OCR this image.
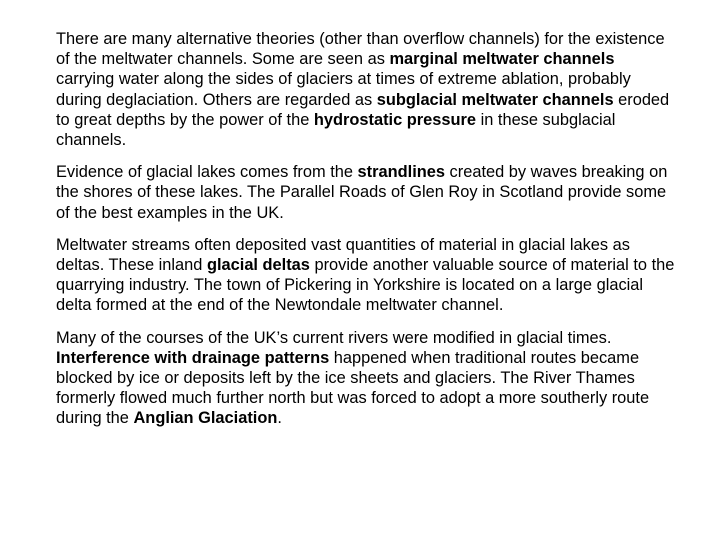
There are many alternative theories (other than overflow channels) for the existence of the meltwater channels. Some are seen as marginal meltwater channels carrying water along the sides of glaciers at times of extreme ablation, probably during deglaciation. Others are regarded as subglacial meltwater channels eroded to great depths by the power of the hydrostatic pressure in these subglacial channels.

Evidence of glacial lakes comes from the strandlines created by waves breaking on the shores of these lakes. The Parallel Roads of Glen Roy in Scotland provide some of the best examples in the UK.

Meltwater streams often deposited vast quantities of material in glacial lakes as deltas. These inland glacial deltas provide another valuable source of material to the quarrying industry. The town of Pickering in Yorkshire is located on a large glacial delta formed at the end of the Newtondale meltwater channel.

Many of the courses of the UK’s current rivers were modified in glacial times. Interference with drainage patterns happened when traditional routes became blocked by ice or deposits left by the ice sheets and glaciers. The River Thames formerly flowed much further north but was forced to adopt a more southerly route during the Anglian Glaciation.
